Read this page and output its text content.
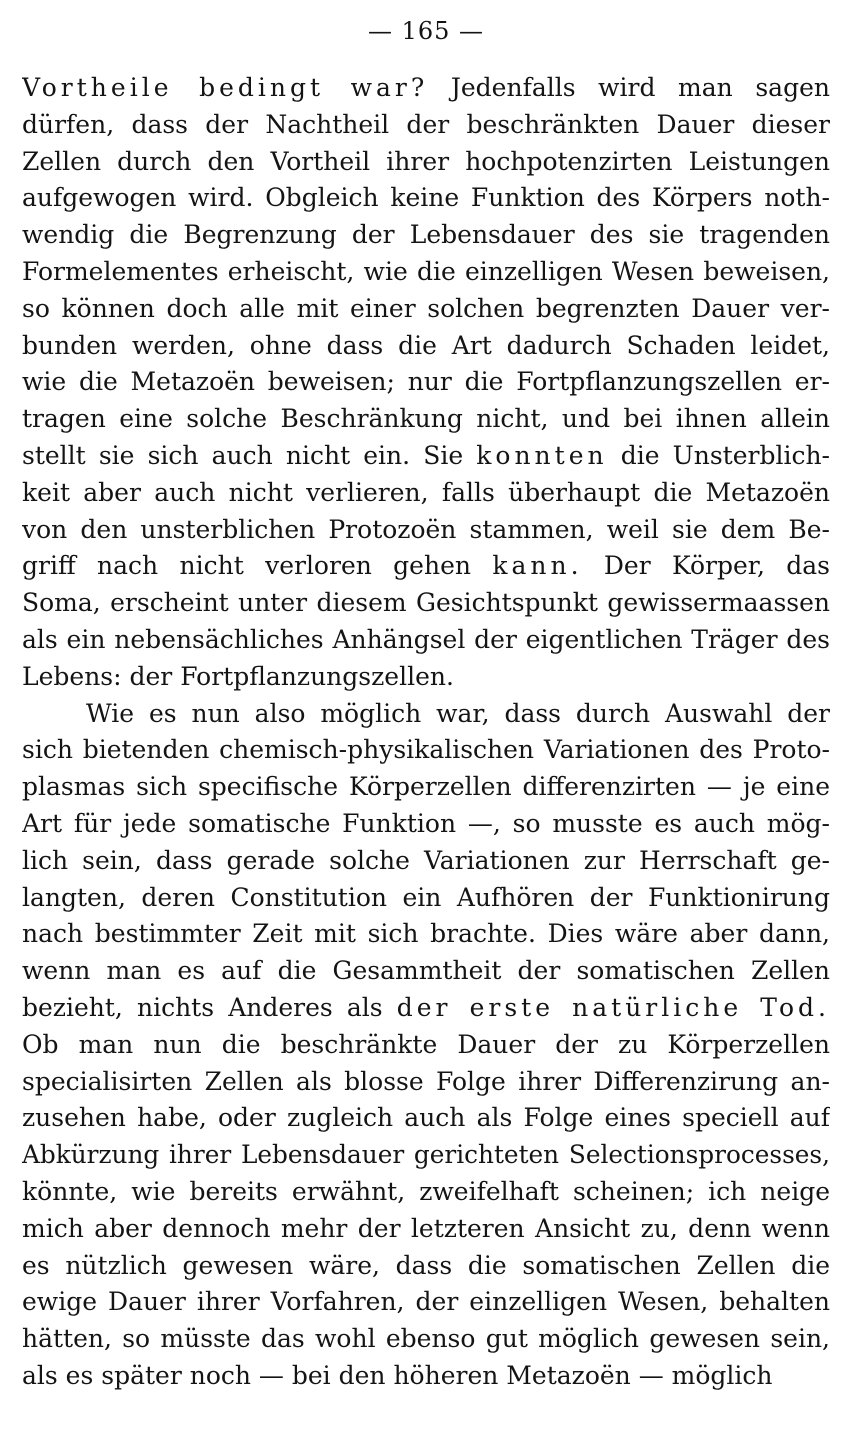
— 165 —
Vortheile bedingt war? Jedenfalls wird man sagen
dürfen, dass der Nachtheil der beschränkten Dauer dieser
Zellen durch den Vortheil ihrer hochpotenzirten Leistungen
aufgewogen wird. Obgleich keine Funktion des Körpers noth-
wendig die Begrenzung der Lebensdauer des sie tragenden
Formelementes erheischt, wie die einzelligen Wesen beweisen,
so können doch alle mit einer solchen begrenzten Dauer ver-
bunden werden, ohne dass die Art dadurch Schaden leidet,
wie die Metazoën beweisen; nur die Fortpflanzungszellen er-
tragen eine solche Beschränkung nicht, und bei ihnen allein
stellt sie sich auch nicht ein. Sie konnten die Unsterblich-
keit aber auch nicht verlieren, falls überhaupt die Metazoën
von den unsterblichen Protozoën stammen, weil sie dem Be-
griff nach nicht verloren gehen kann. Der Körper, das
Soma, erscheint unter diesem Gesichtspunkt gewissermaassen
als ein nebensächliches Anhängsel der eigentlichen Träger des
Lebens: der Fortpflanzungszellen.
Wie es nun also möglich war, dass durch Auswahl der
sich bietenden chemisch-physikalischen Variationen des Proto-
plasmas sich specifische Körperzellen differenzirten — je eine
Art für jede somatische Funktion —, so musste es auch mög-
lich sein, dass gerade solche Variationen zur Herrschaft ge-
langten, deren Constitution ein Aufhören der Funktionirung
nach bestimmter Zeit mit sich brachte. Dies wäre aber dann,
wenn man es auf die Gesammtheit der somatischen Zellen
bezieht, nichts Anderes als der erste natürliche Tod.
Ob man nun die beschränkte Dauer der zu Körperzellen
specialisirten Zellen als blosse Folge ihrer Differenzirung an-
zusehen habe, oder zugleich auch als Folge eines speciell auf
Abkürzung ihrer Lebensdauer gerichteten Selectionsprocesses,
könnte, wie bereits erwähnt, zweifelhaft scheinen; ich neige
mich aber dennoch mehr der letzteren Ansicht zu, denn wenn
es nützlich gewesen wäre, dass die somatischen Zellen die
ewige Dauer ihrer Vorfahren, der einzelligen Wesen, behalten
hätten, so müsste das wohl ebenso gut möglich gewesen sein,
als es später noch — bei den höheren Metazoën — möglich
